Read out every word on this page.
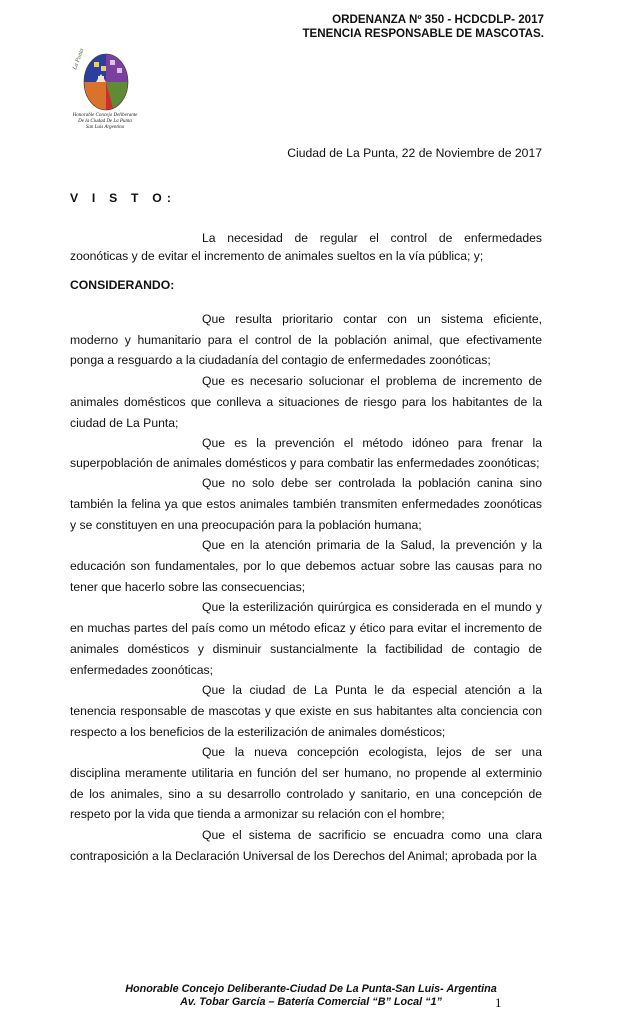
ORDENANZA Nº 350 - HCDCDLP- 2017
TENENCIA RESPONSABLE DE MASCOTAS.
La Punta
Honorable Concejo Deliberante
De la Ciudad De La Punta
San Luis Argentina
Ciudad de La Punta, 22 de Noviembre de 2017
V I S T O:

La necesidad de regular el control de enfermedades zoonóticas y de evitar el incremento de animales sueltos en la vía pública; y;

CONSIDERANDO:

Que resulta prioritario contar con un sistema eficiente, moderno y humanitario para el control de la población animal, que efectivamente ponga a resguardo a la ciudadanía del contagio de enfermedades zoonóticas;

Que es necesario solucionar el problema de incremento de animales domésticos que conlleva a situaciones de riesgo para los habitantes de la ciudad de La Punta;

Que es la prevención el método idóneo para frenar la superpoblación de animales domésticos y para combatir las enfermedades zoonóticas;

Que no solo debe ser controlada la población canina sino también la felina ya que estos animales también transmiten enfermedades zoonóticas y se constituyen en una preocupación para la población humana;

Que en la atención primaria de la Salud, la prevención y la educación son fundamentales, por lo que debemos actuar sobre las causas para no tener que hacerlo sobre las consecuencias;

Que la esterilización quirúrgica es considerada en el mundo y en muchas partes del país como un método eficaz y ético para evitar el incremento de animales domésticos y disminuir sustancialmente la factibilidad de contagio de enfermedades zoonóticas;

Que la ciudad de La Punta le da especial atención a la tenencia responsable de mascotas y que existe en sus habitantes alta conciencia con respecto a los beneficios de la esterilización de animales domésticos;

Que la nueva concepción ecologista, lejos de ser una disciplina meramente utilitaria en función del ser humano, no propende al exterminio de los animales, sino a su desarrollo controlado y sanitario, en una concepción de respeto por la vida que tienda a armonizar su relación con el hombre;

Que el sistema de sacrificio se encuadra como una clara contraposición a la Declaración Universal de los Derechos del Animal; aprobada por la

Honorable Concejo Deliberante-Ciudad De La Punta-San Luis- Argentina
Av. Tobar García – Batería Comercial “B” Local “1”	1
